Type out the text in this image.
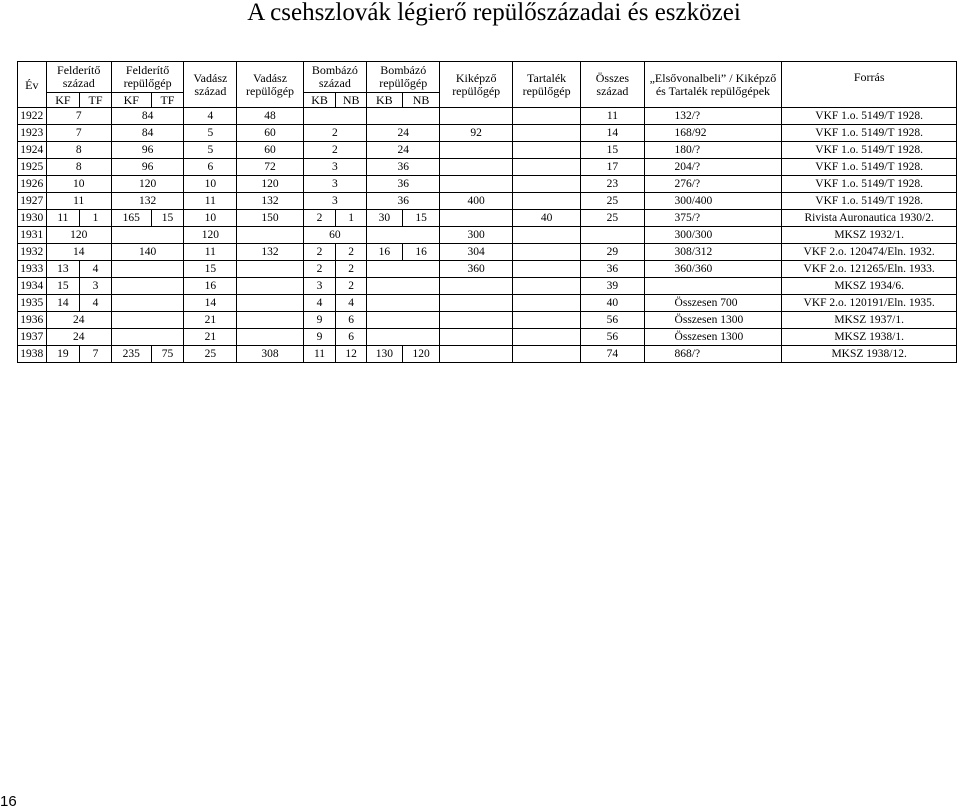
A csehszlovák légierő repülőszázadai és eszközei
Év	Felderítő század		Felderítő repülőgép		Vadász század	Vadász repülőgép	Bombázó század		Bombázó repülőgép		Kiképző repülőgép	Tartalék repülőgép	Összes század	„Elsővonalbeli” / Kiképző és Tartalék repülőgépek	Forrás
	KF	TF	KF	TF			KB	NB	KB	NB					
1922	7		84		4	48							11	132/?	VKF 1.o. 5149/T 1928.
1923	7		84		5	60	2		24		92		14	168/92	VKF 1.o. 5149/T 1928.
1924	8		96		5	60	2		24				15	180/?	VKF 1.o. 5149/T 1928.
1925	8		96		6	72	3		36				17	204/?	VKF 1.o. 5149/T 1928.
1926	10		120		10	120	3		36				23	276/?	VKF 1.o. 5149/T 1928.
1927	11		132		11	132	3		36		400		25	300/400	VKF 1.o. 5149/T 1928.
1930	11	1	165	15	10	150	2	1	30	15		40	25	375/?	Rivista Auronautica 1930/2.
1931	120				120		60				300			300/300	MKSZ 1932/1.
1932	14		140		11	132	2	2	16	16	304		29	308/312	VKF 2.o. 120474/Eln. 1932.
1933	13	4			15		2	2			360		36	360/360	VKF 2.o. 121265/Eln. 1933.
1934	15	3			16		3	2					39		MKSZ 1934/6.
1935	14	4			14		4	4					40	Összesen 700	VKF 2.o. 120191/Eln. 1935.
1936	24				21		9	6					56	Összesen 1300	MKSZ 1937/1.
1937	24				21		9	6					56	Összesen 1300	MKSZ 1938/1.
1938	19	7	235	75	25	308	11	12	130	120			74	868/?	MKSZ 1938/12.
16
